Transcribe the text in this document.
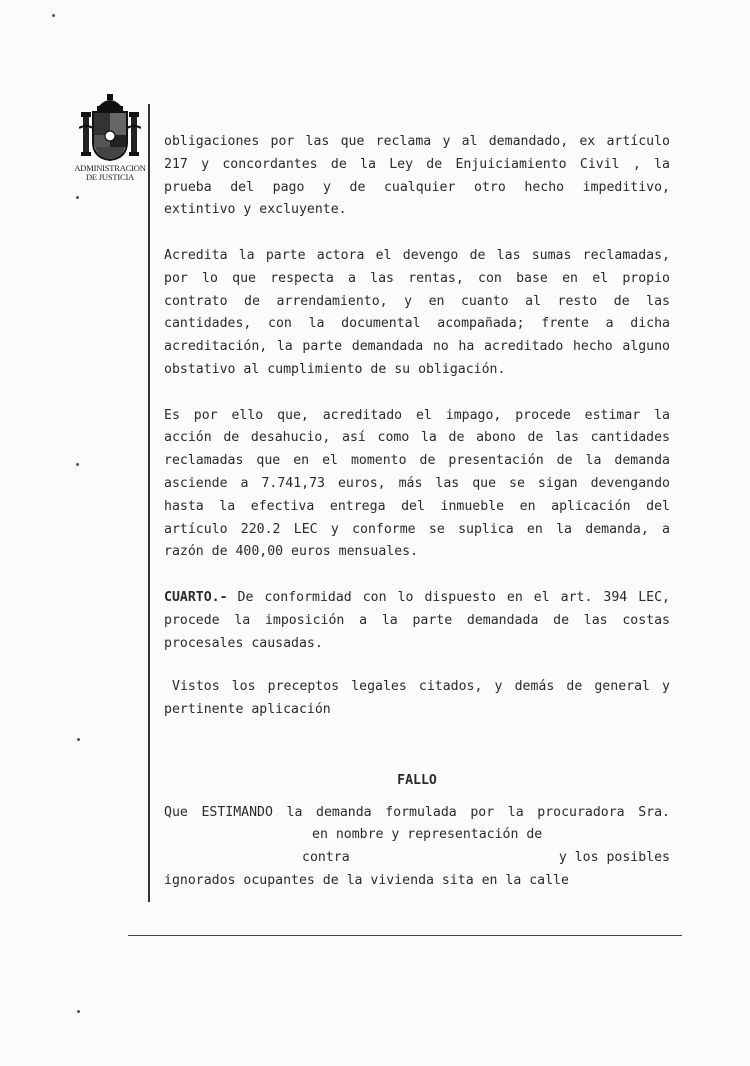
ADMINISTRACION
DE JUSTICIA
obligaciones por las que reclama y al demandado, ex artículo
217 y concordantes de la Ley de Enjuiciamiento Civil , la
prueba del pago y de cualquier otro hecho impeditivo,
extintivo y excluyente.
Acredita la parte actora el devengo de las sumas reclamadas,
por lo que respecta a las rentas, con base en el propio
contrato de arrendamiento, y en cuanto al resto de las
cantidades, con la documental acompañada; frente a dicha
acreditación, la parte demandada no ha acreditado hecho alguno
obstativo al cumplimiento de su obligación.
Es por ello que, acreditado el impago, procede estimar la
acción de desahucio, así como la de abono de las cantidades
reclamadas que en el momento de presentación de la demanda
asciende a 7.741,73 euros, más las que se sigan devengando
hasta la efectiva entrega del inmueble en aplicación del
artículo 220.2 LEC y conforme se suplica en la demanda, a
razón de 400,00 euros mensuales.
CUARTO.- De conformidad con lo dispuesto en el art. 394 LEC,
procede la imposición a la parte demandada de las costas
procesales causadas.
Vistos los preceptos legales citados, y demás de general y
pertinente aplicación
FALLO
Que ESTIMANDO la demanda formulada por la procuradora Sra.
en nombre y representación de
contra	y los posibles
ignorados ocupantes de la vivienda sita en la calle
